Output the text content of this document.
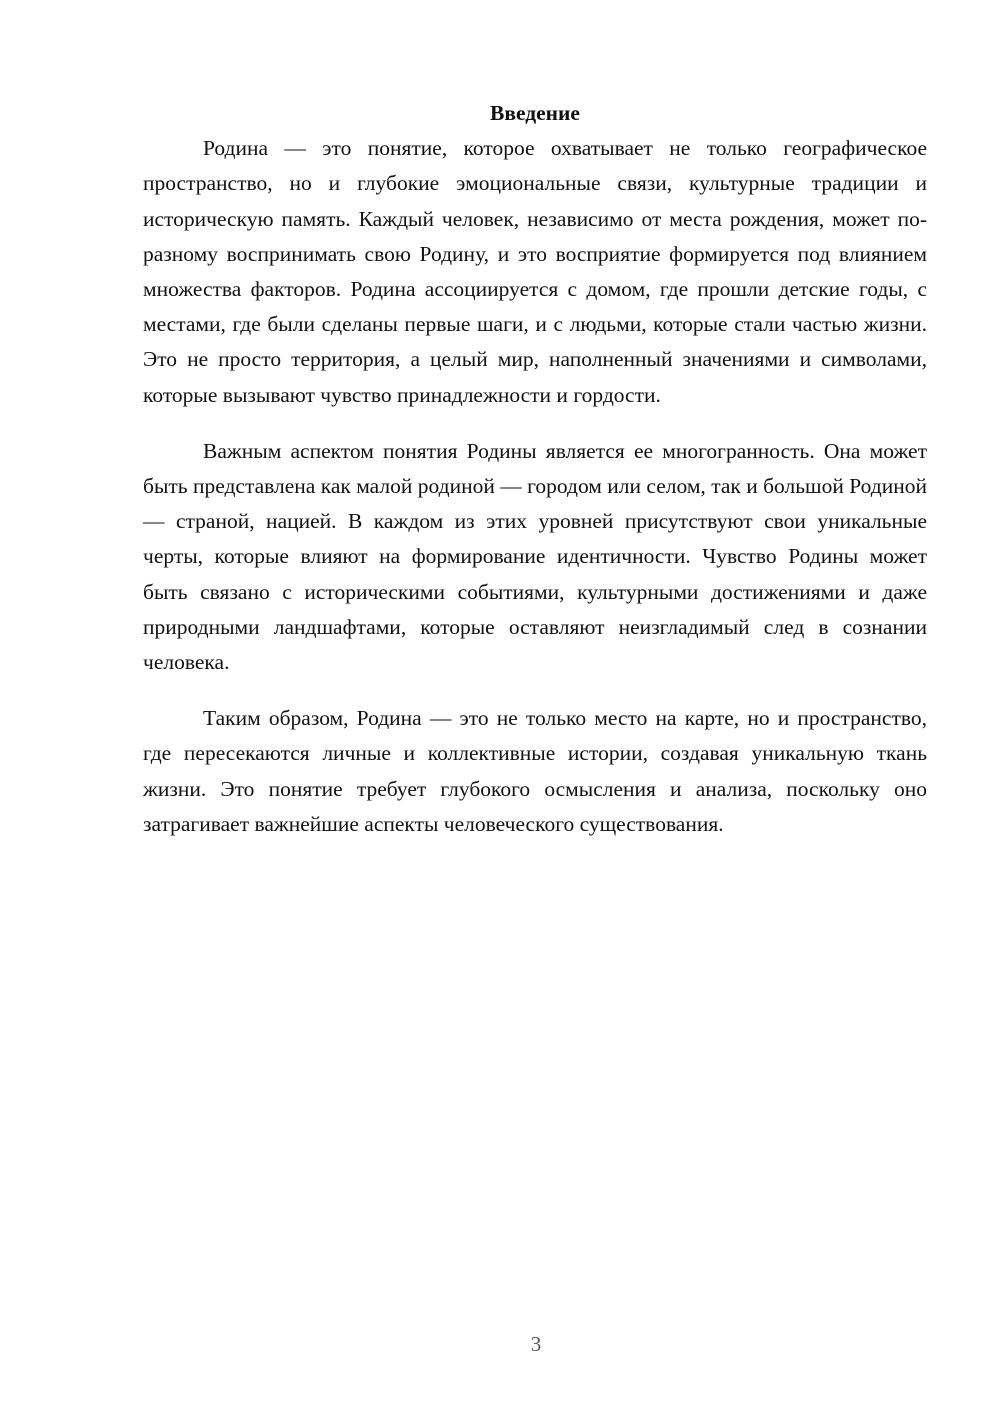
Введение

Родина — это понятие, которое охватывает не только географическое пространство, но и глубокие эмоциональные связи, культурные традиции и историческую память. Каждый человек, независимо от места рождения, может по-разному воспринимать свою Родину, и это восприятие формируется под влиянием множества факторов. Родина ассоциируется с домом, где прошли детские годы, с местами, где были сделаны первые шаги, и с людьми, которые стали частью жизни. Это не просто территория, а целый мир, наполненный значениями и символами, которые вызывают чувство принадлежности и гордости.

Важным аспектом понятия Родины является ее многогранность. Она может быть представлена как малой родиной — городом или селом, так и большой Родиной — страной, нацией. В каждом из этих уровней присутствуют свои уникальные черты, которые влияют на формирование идентичности. Чувство Родины может быть связано с историческими событиями, культурными достижениями и даже природными ландшафтами, которые оставляют неизгладимый след в сознании человека.

Таким образом, Родина — это не только место на карте, но и пространство, где пересекаются личные и коллективные истории, создавая уникальную ткань жизни. Это понятие требует глубокого осмысления и анализа, поскольку оно затрагивает важнейшие аспекты человеческого существования.

3
